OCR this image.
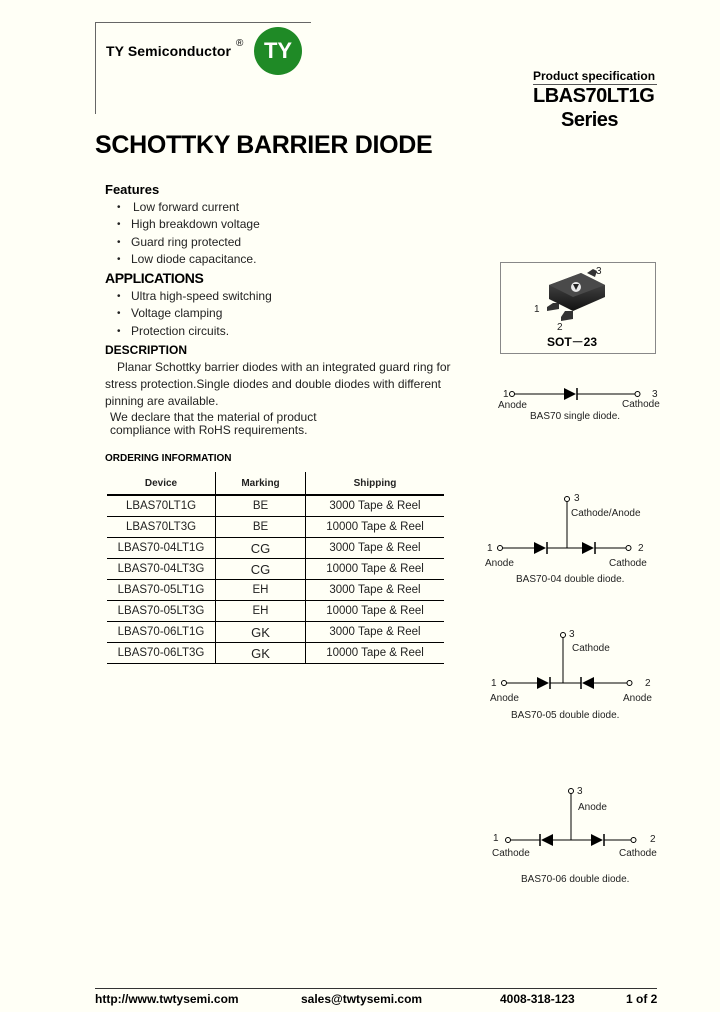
TY Semiconductor ® TY
Product specification
LBAS70LT1G
Series
SCHOTTKY BARRIER DIODE
Features
• Low forward current
• High breakdown voltage
• Guard ring protected
• Low diode capacitance.
APPLICATIONS
• Ultra high-speed switching
• Voltage clamping
• Protection circuits.
DESCRIPTION
Planar Schottky barrier diodes with an integrated guard ring for
stress protection.Single diodes and double diodes with different
pinning are available.
We declare that the material of product
compliance with RoHS requirements.
ORDERING INFORMATION
Device	Marking	Shipping
LBAS70LT1G	BE	3000 Tape & Reel
LBAS70LT3G	BE	10000 Tape & Reel
LBAS70-04LT1G	CG	3000 Tape & Reel
LBAS70-04LT3G	CG	10000 Tape & Reel
LBAS70-05LT1G	EH	3000 Tape & Reel
LBAS70-05LT3G	EH	10000 Tape & Reel
LBAS70-06LT1G	GK	3000 Tape & Reel
LBAS70-06LT3G	GK	10000 Tape & Reel
3
1
2
SOT－23
1	3
Anode	Cathode
BAS70 single diode.
3
Cathode/Anode
1	2
Anode	Cathode
BAS70-04 double diode.
3
Cathode
1	2
Anode	Anode
BAS70-05 double diode.
3
Anode
1	2
Cathode	Cathode
BAS70-06 double diode.
http://www.twtysemi.com	sales@twtysemi.com	4008-318-123	1 of 2
